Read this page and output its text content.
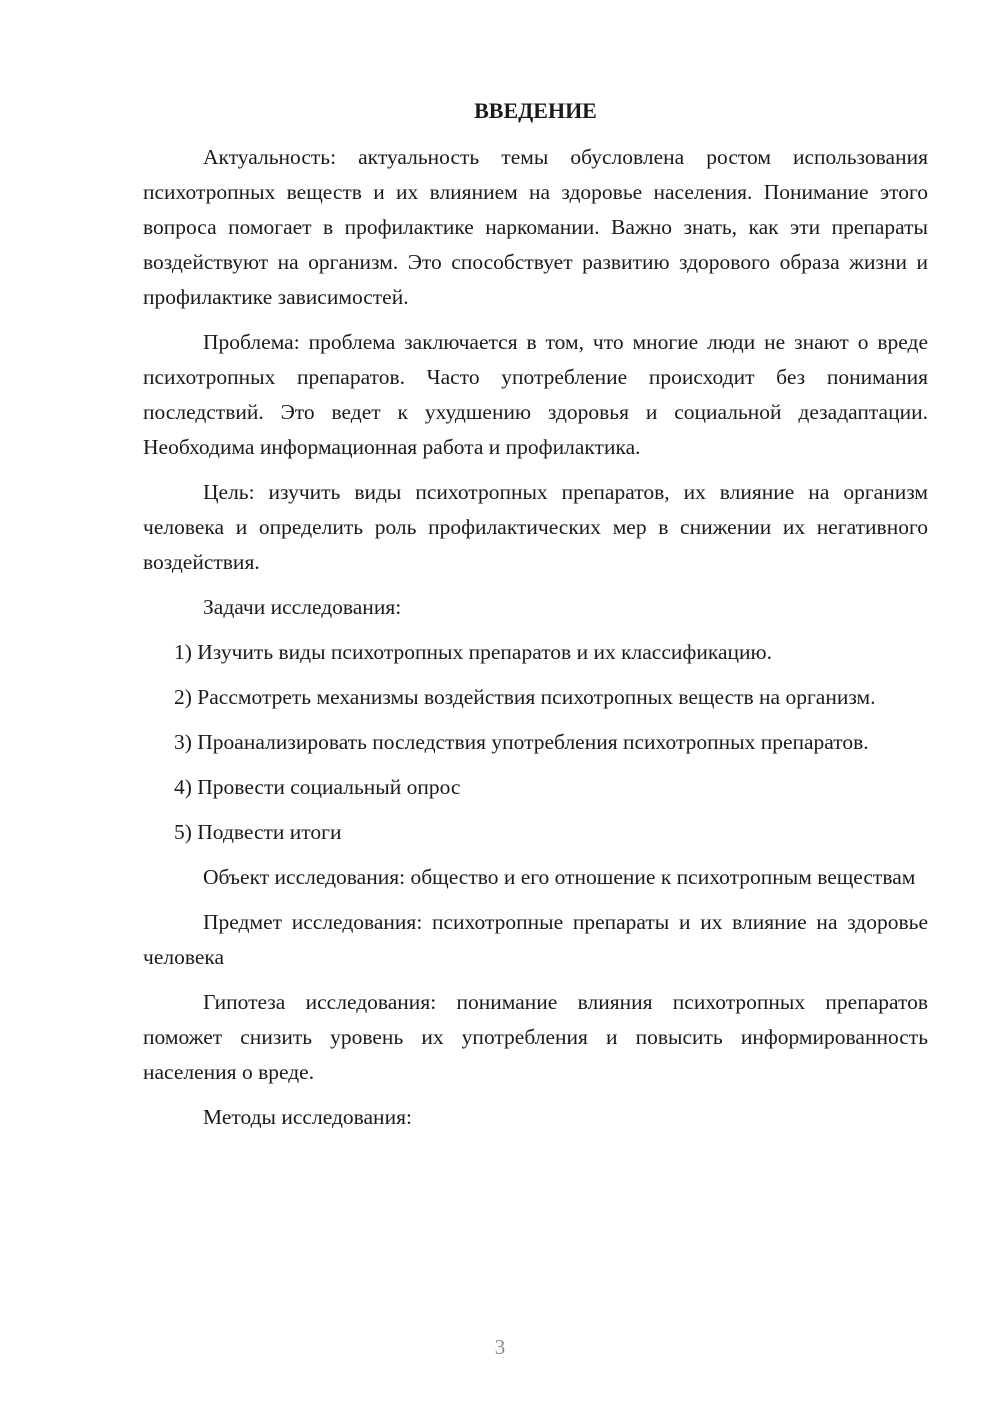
ВВЕДЕНИЕ

Актуальность: актуальность темы обусловлена ростом использования психотропных веществ и их влиянием на здоровье населения. Понимание этого вопроса помогает в профилактике наркомании. Важно знать, как эти препараты воздействуют на организм. Это способствует развитию здорового образа жизни и профилактике зависимостей.

Проблема: проблема заключается в том, что многие люди не знают о вреде психотропных препаратов. Часто употребление происходит без понимания последствий. Это ведет к ухудшению здоровья и социальной дезадаптации. Необходима информационная работа и профилактика.

Цель: изучить виды психотропных препаратов, их влияние на организм человека и определить роль профилактических мер в снижении их негативного воздействия.

Задачи исследования:

1) Изучить виды психотропных препаратов и их классификацию.

2) Рассмотреть механизмы воздействия психотропных веществ на организм.

3) Проанализировать последствия употребления психотропных препаратов.

4) Провести социальный опрос

5) Подвести итоги

Объект исследования: общество и его отношение к психотропным веществам

Предмет исследования: психотропные препараты и их влияние на здоровье человека

Гипотеза исследования: понимание влияния психотропных препаратов поможет снизить уровень их употребления и повысить информированность населения о вреде.

Методы исследования:

3
